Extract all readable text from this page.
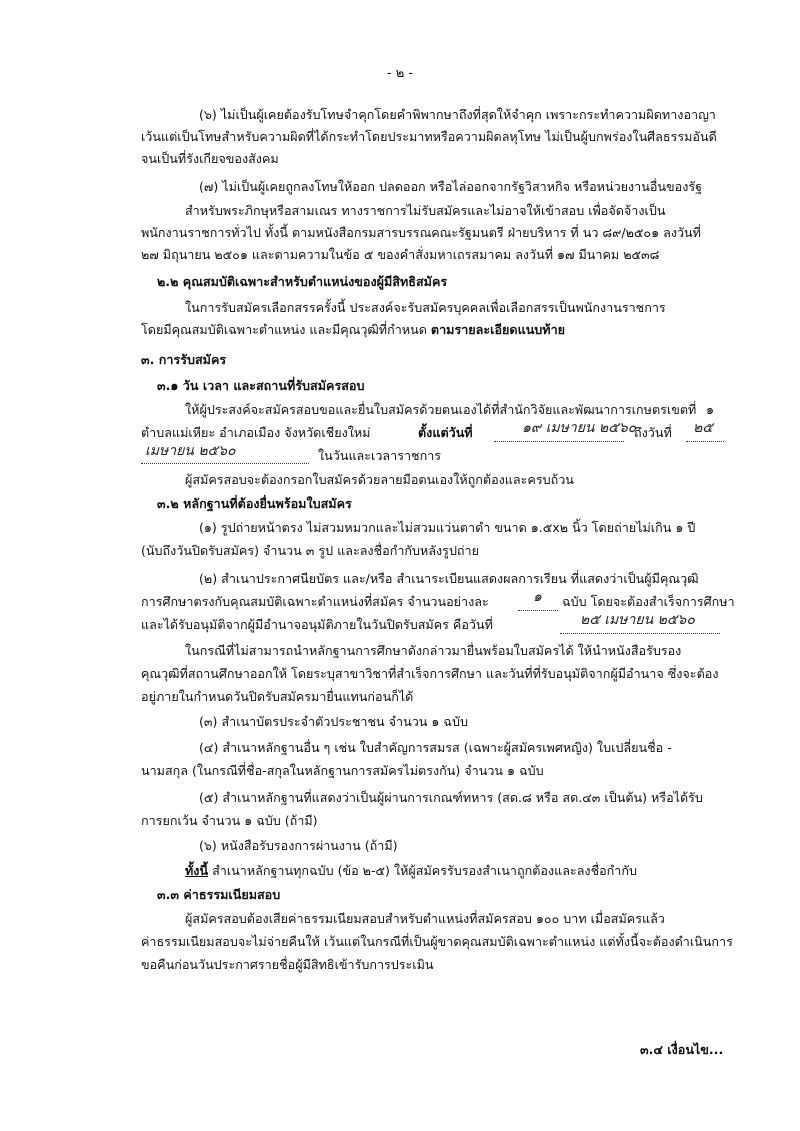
- ๒ -
(๖) ไม่เป็นผู้เคยต้องรับโทษจำคุกโดยคำพิพากษาถึงที่สุดให้จำคุก เพราะกระทำความผิดทางอาญา
เว้นแต่เป็นโทษสำหรับความผิดที่ได้กระทำโดยประมาทหรือความผิดลหุโทษ ไม่เป็นผู้บกพร่องในศีลธรรมอันดี
จนเป็นที่รังเกียจของสังคม
(๗) ไม่เป็นผู้เคยถูกลงโทษให้ออก ปลดออก หรือไล่ออกจากรัฐวิสาหกิจ หรือหน่วยงานอื่นของรัฐ
สำหรับพระภิกษุหรือสามเณร ทางราชการไม่รับสมัครและไม่อาจให้เข้าสอบ เพื่อจัดจ้างเป็น
พนักงานราชการทั่วไป ทั้งนี้ ตามหนังสือกรมสารบรรณคณะรัฐมนตรี ฝ่ายบริหาร ที่ นว ๘๙/๒๕๐๑ ลงวันที่
๒๗ มิถุนายน ๒๕๐๑ และตามความในข้อ ๕ ของคำสั่งมหาเถรสมาคม ลงวันที่ ๑๗ มีนาคม ๒๕๓๘
๒.๒ คุณสมบัติเฉพาะสำหรับตำแหน่งของผู้มีสิทธิสมัคร
ในการรับสมัครเลือกสรรครั้งนี้ ประสงค์จะรับสมัครบุคคลเพื่อเลือกสรรเป็นพนักงานราชการ
โดยมีคุณสมบัติเฉพาะตำแหน่ง และมีคุณวุฒิที่กำหนด ตามรายละเอียดแนบท้าย
๓. การรับสมัคร
๓.๑ วัน เวลา และสถานที่รับสมัครสอบ
ให้ผู้ประสงค์จะสมัครสอบขอและยื่นใบสมัครด้วยตนเองได้ที่สำนักวิจัยและพัฒนาการเกษตรเขตที่ ๑
ตำบลแม่เหียะ อำเภอเมือง จังหวัดเชียงใหม่	ตั้งแต่วันที่	๑๙ เมษายน ๒๕๖๐
ถึงวันที่ ๒๕
เมษายน ๒๕๖๐	ในวันและเวลาราชการ
ผู้สมัครสอบจะต้องกรอกใบสมัครด้วยลายมือตนเองให้ถูกต้องและครบถ้วน
๓.๒ หลักฐานที่ต้องยื่นพร้อมใบสมัคร
(๑) รูปถ่ายหน้าตรง ไม่สวมหมวกและไม่สวมแว่นตาดำ ขนาด ๑.๕x๒ นิ้ว โดยถ่ายไม่เกิน ๑ ปี
(นับถึงวันปิดรับสมัคร) จำนวน ๓ รูป และลงชื่อกำกับหลังรูปถ่าย
(๒) สำเนาประกาศนียบัตร และ/หรือ สำเนาระเบียนแสดงผลการเรียน ที่แสดงว่าเป็นผู้มีคุณวุฒิ
การศึกษาตรงกับคุณสมบัติเฉพาะตำแหน่งที่สมัคร จำนวนอย่างละ	๑ ฉบับ โดยจะต้องสำเร็จการศึกษา
และได้รับอนุมัติจากผู้มีอำนาจอนุมัติภายในวันปิดรับสมัคร คือวันที่	๒๕ เมษายน ๒๕๖๐
ในกรณีที่ไม่สามารถนำหลักฐานการศึกษาดังกล่าวมายื่นพร้อมใบสมัครได้ ให้นำหนังสือรับรอง
คุณวุฒิที่สถานศึกษาออกให้ โดยระบุสาขาวิชาที่สำเร็จการศึกษา และวันที่ที่รับอนุมัติจากผู้มีอำนาจ ซึ่งจะต้อง
อยู่ภายในกำหนดวันปิดรับสมัครมายื่นแทนก่อนก็ได้
(๓) สำเนาบัตรประจำตัวประชาชน จำนวน ๑ ฉบับ
(๔) สำเนาหลักฐานอื่น ๆ เช่น ใบสำคัญการสมรส (เฉพาะผู้สมัครเพศหญิง) ใบเปลี่ยนชื่อ -
นามสกุล (ในกรณีที่ชื่อ-สกุลในหลักฐานการสมัครไม่ตรงกัน) จำนวน ๑ ฉบับ
(๕) สำเนาหลักฐานที่แสดงว่าเป็นผู้ผ่านการเกณฑ์ทหาร (สด.๘ หรือ สด.๔๓ เป็นต้น) หรือได้รับ
การยกเว้น จำนวน ๑ ฉบับ (ถ้ามี)
(๖) หนังสือรับรองการผ่านงาน (ถ้ามี)
ทั้งนี้ สำเนาหลักฐานทุกฉบับ (ข้อ ๒-๕) ให้ผู้สมัครรับรองสำเนาถูกต้องและลงชื่อกำกับ
๓.๓ ค่าธรรมเนียมสอบ
ผู้สมัครสอบต้องเสียค่าธรรมเนียมสอบสำหรับตำแหน่งที่สมัครสอบ ๑๐๐ บาท เมื่อสมัครแล้ว
ค่าธรรมเนียมสอบจะไม่จ่ายคืนให้ เว้นแต่ในกรณีที่เป็นผู้ขาดคุณสมบัติเฉพาะตำแหน่ง แต่ทั้งนี้จะต้องดำเนินการ
ขอคืนก่อนวันประกาศรายชื่อผู้มีสิทธิเข้ารับการประเมิน
๓.๔ เงื่อนไข...
